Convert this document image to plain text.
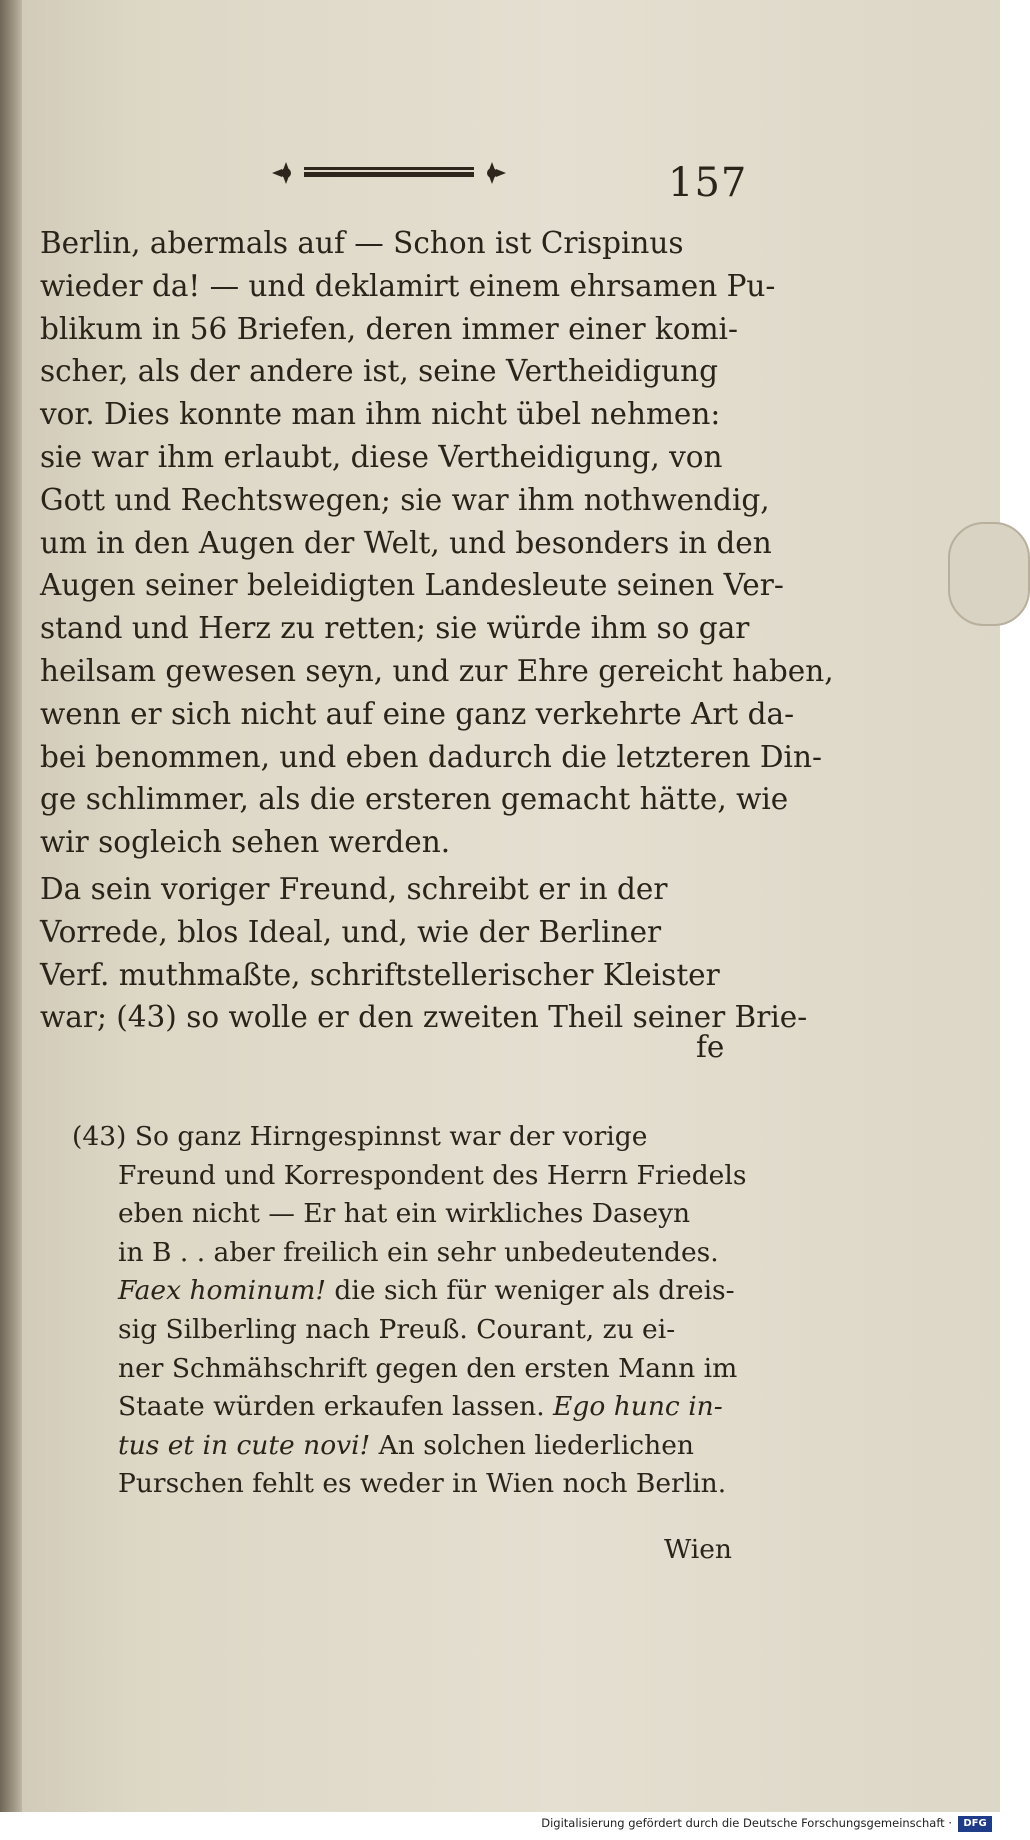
157
Berlin, abermals auf — Schon ist Crispinus
wieder da! — und deklamirt einem ehrsamen Pu-
blikum in 56 Briefen, deren immer einer komi-
scher, als der andere ist, seine Vertheidigung
vor. Dies konnte man ihm nicht übel nehmen:
sie war ihm erlaubt, diese Vertheidigung, von
Gott und Rechtswegen; sie war ihm nothwendig,
um in den Augen der Welt, und besonders in den
Augen seiner beleidigten Landesleute seinen Ver-
stand und Herz zu retten; sie würde ihm so gar
heilsam gewesen seyn, und zur Ehre gereicht haben,
wenn er sich nicht auf eine ganz verkehrte Art da-
bei benommen, und eben dadurch die letzteren Din-
ge schlimmer, als die ersteren gemacht hätte, wie
wir sogleich sehen werden.
Da sein voriger Freund, schreibt er in der
Vorrede, blos Ideal, und, wie der Berliner
Verf. muthmaßte, schriftstellerischer Kleister
war; (43) so wolle er den zweiten Theil seiner Brie-
fe
(43) So ganz Hirngespinnst war der vorige
Freund und Korrespondent des Herrn Friedels
eben nicht — Er hat ein wirkliches Daseyn
in B . . aber freilich ein sehr unbedeutendes.
Faex hominum! die sich für weniger als dreis-
sig Silberling nach Preuß. Courant, zu ei-
ner Schmähschrift gegen den ersten Mann im
Staate würden erkaufen lassen. Ego hunc in-
tus et in cute novi! An solchen liederlichen
Purschen fehlt es weder in Wien noch Berlin.
Wien
Digitalisierung gefördert durch die Deutsche Forschungsgemeinschaft ·	DFG
